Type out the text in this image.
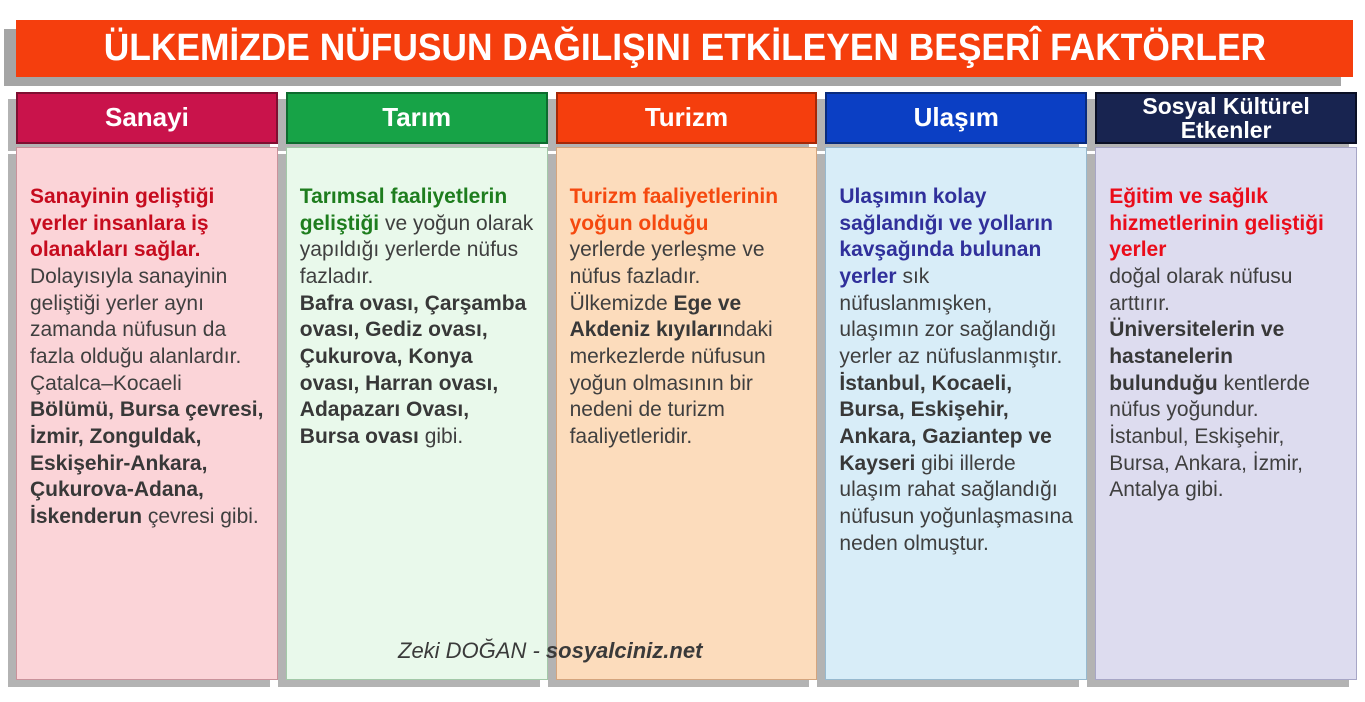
ÜLKEMİZDE NÜFUSUN DAĞILIŞINI ETKİLEYEN BEŞERÎ FAKTÖRLER
Sanayi
Sanayinin geliştiği yerler insanlara iş olanakları sağlar.
Dolayısıyla sanayinin geliştiği yerler aynı zamanda nüfusun da fazla olduğu alanlardır. Çatalca–Kocaeli Bölümü, Bursa çevresi, İzmir, Zonguldak, Eskişehir-Ankara, Çukurova-Adana, İskenderun çevresi gibi.
Tarım
Tarımsal faaliyetlerin geliştiği ve yoğun olarak yapıldığı yerlerde nüfus fazladır.
Bafra ovası, Çarşamba ovası, Gediz ovası, Çukurova, Konya ovası, Harran ovası, Adapazarı Ovası, Bursa ovası gibi.
Turizm
Turizm faaliyetlerinin yoğun olduğu
yerlerde yerleşme ve nüfus fazladır. Ülkemizde Ege ve Akdeniz kıyılarındaki merkezlerde nüfusun yoğun olmasının bir nedeni de turizm faaliyetleridir.
Ulaşım
Ulaşımın kolay sağlandığı ve yolların kavşağında bulunan yerler sık nüfuslanmışken, ulaşımın zor sağlandığı yerler az nüfuslanmıştır.
İstanbul, Kocaeli, Bursa, Eskişehir, Ankara, Gaziantep ve Kayseri gibi illerde ulaşım rahat sağlandığı nüfusun yoğunlaşmasına neden olmuştur.
Sosyal Kültürel Etkenler
Eğitim ve sağlık hizmetlerinin geliştiği yerler
doğal olarak nüfusu arttırır.
Üniversitelerin ve hastanelerin bulunduğu kentlerde nüfus yoğundur.
İstanbul, Eskişehir, Bursa, Ankara, İzmir, Antalya gibi.
Zeki DOĞAN - sosyalciniz.net
